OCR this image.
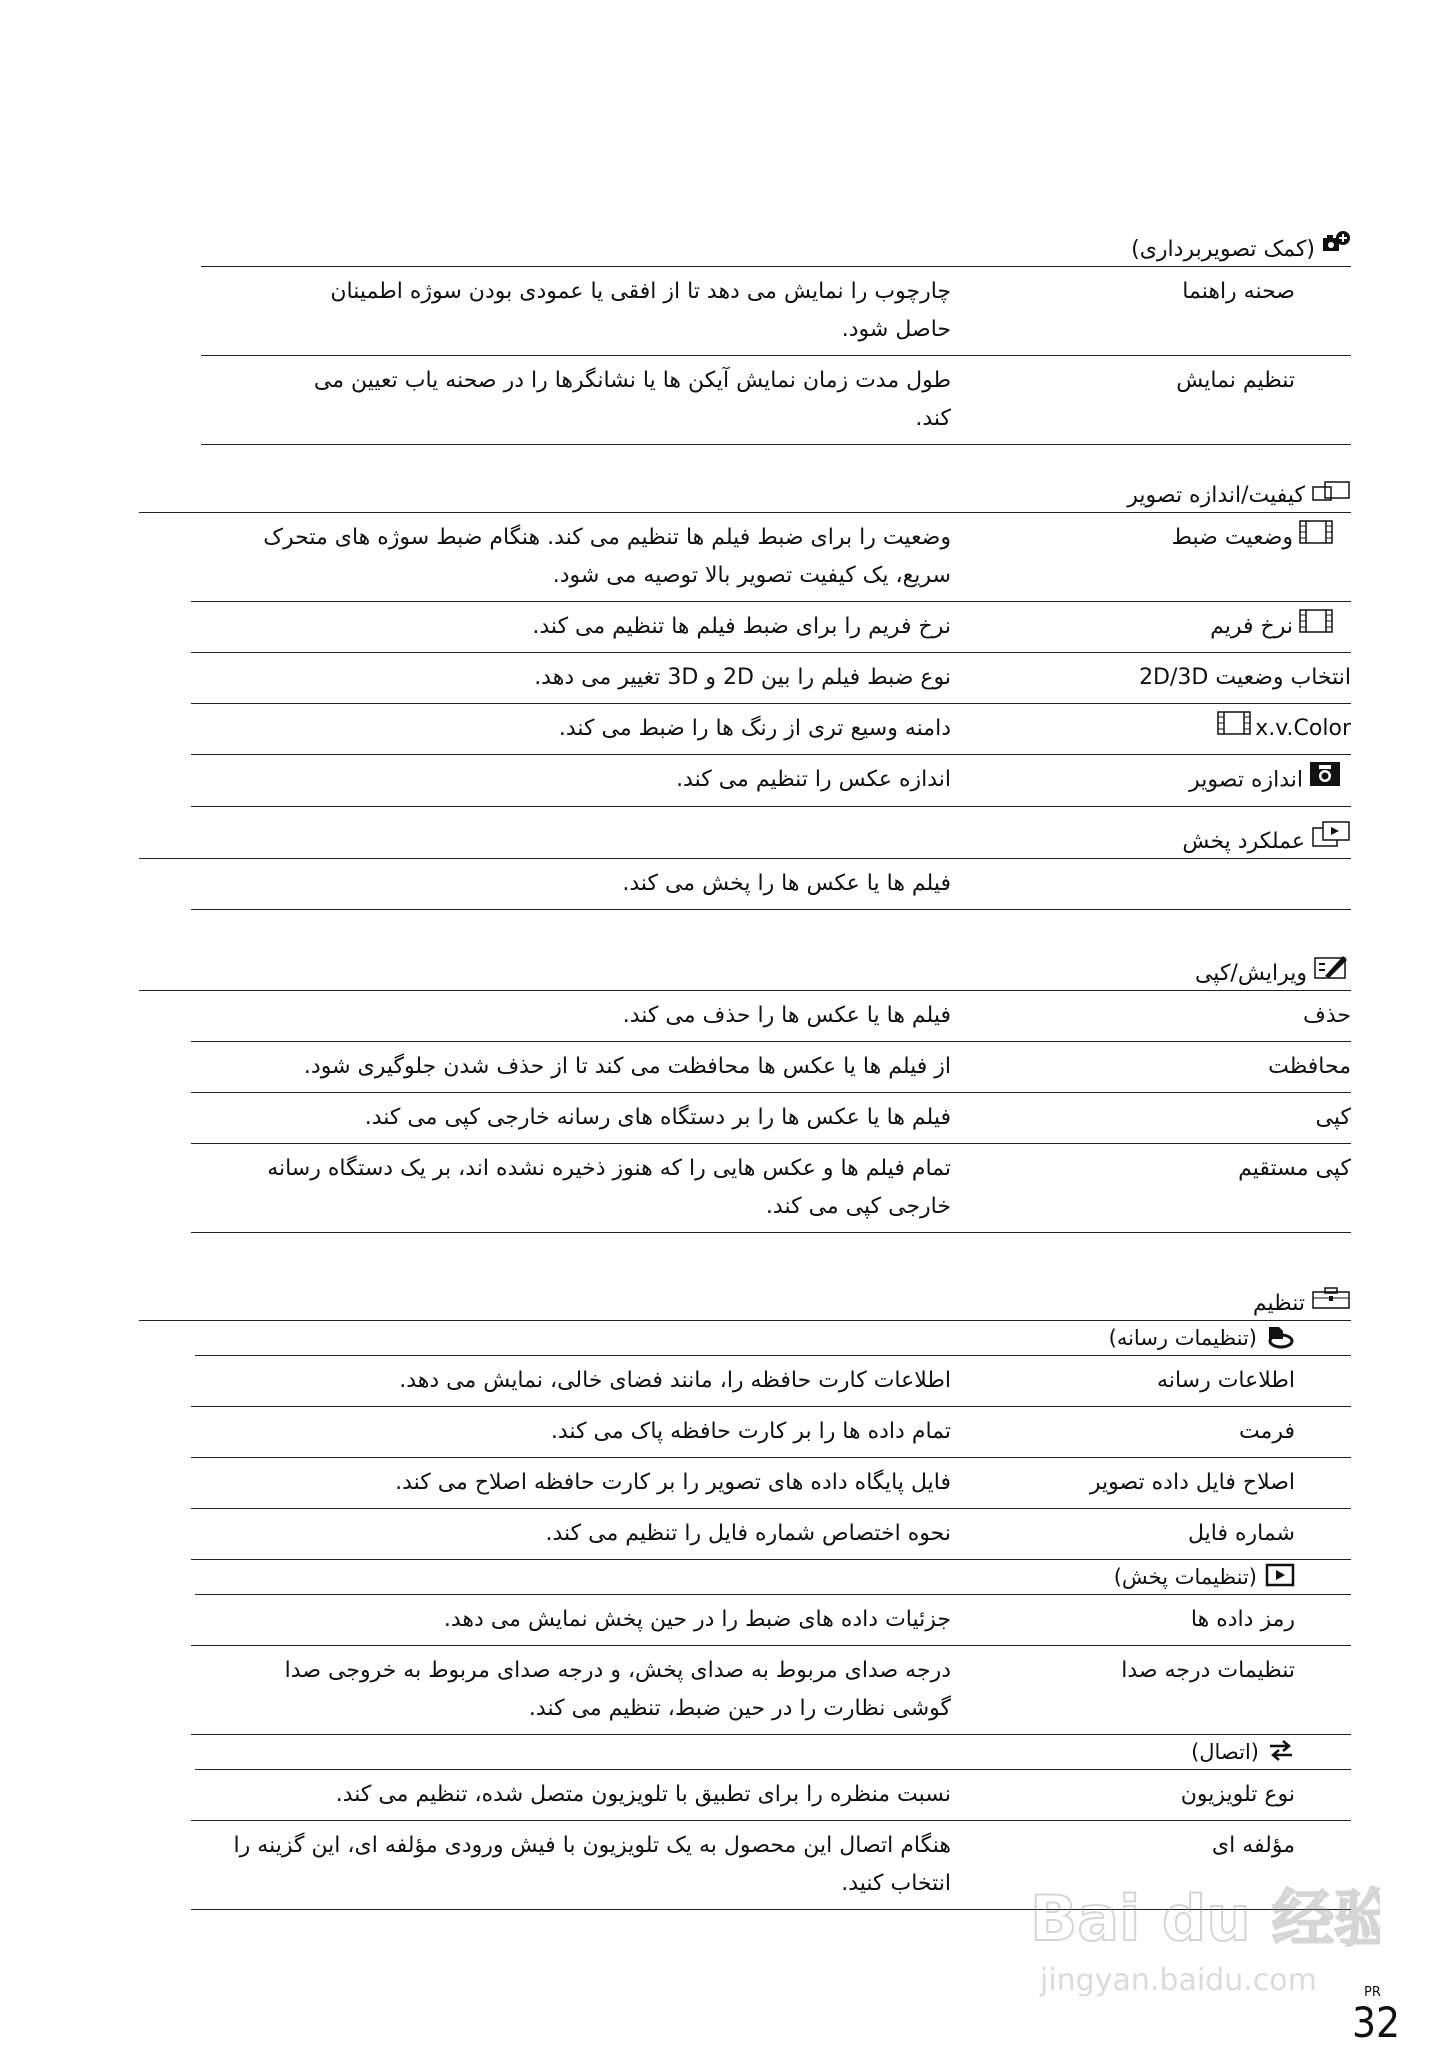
(کمک تصویربرداری)
صحنه راهنما
چارچوب را نمایش می دهد تا از افقی یا عمودی بودن سوژه اطمینان حاصل شود.
تنظیم نمایش
طول مدت زمان نمایش آیکن ها یا نشانگرها را در صحنه یاب تعیین می کند.
کیفیت/اندازه تصویر
وضعیت ضبط
وضعیت را برای ضبط فیلم ها تنظیم می کند. هنگام ضبط سوژه های متحرک سریع، یک کیفیت تصویر بالا توصیه می شود.
نرخ فریم
نرخ فریم را برای ضبط فیلم ها تنظیم می کند.
انتخاب وضعیت 2D/3D
نوع ضبط فیلم را بین 2D و 3D تغییر می دهد.
x.v.Color
دامنه وسیع تری از رنگ ها را ضبط می کند.
اندازه تصویر
اندازه عکس را تنظیم می کند.
عملکرد پخش
فیلم ها یا عکس ها را پخش می کند.
ویرایش/کپی
حذف
فیلم ها یا عکس ها را حذف می کند.
محافظت
از فیلم ها یا عکس ها محافظت می کند تا از حذف شدن جلوگیری شود.
کپی
فیلم ها یا عکس ها را بر دستگاه های رسانه خارجی کپی می کند.
کپی مستقیم
تمام فیلم ها و عکس هایی را که هنوز ذخیره نشده اند، بر یک دستگاه رسانه خارجی کپی می کند.
تنظیم
(تنظیمات رسانه)
اطلاعات رسانه
اطلاعات کارت حافظه را، مانند فضای خالی، نمایش می دهد.
فرمت
تمام داده ها را بر کارت حافظه پاک می کند.
اصلاح فایل داده تصویر
فایل پایگاه داده های تصویر را بر کارت حافظه اصلاح می کند.
شماره فایل
نحوه اختصاص شماره فایل را تنظیم می کند.
(تنظیمات پخش)
رمز داده ها
جزئیات داده های ضبط را در حین پخش نمایش می دهد.
تنظیمات درجه صدا
درجه صدای مربوط به صدای پخش، و درجه صدای مربوط به خروجی صدا گوشی نظارت را در حین ضبط، تنظیم می کند.
(اتصال)
نوع تلویزیون
نسبت منظره را برای تطبیق با تلویزیون متصل شده، تنظیم می کند.
مؤلفه ای
هنگام اتصال این محصول به یک تلویزیون با فیش ورودی مؤلفه ای، این گزینه را انتخاب کنید. Bai du 经验
jingyan.baidu.com	PR
32
